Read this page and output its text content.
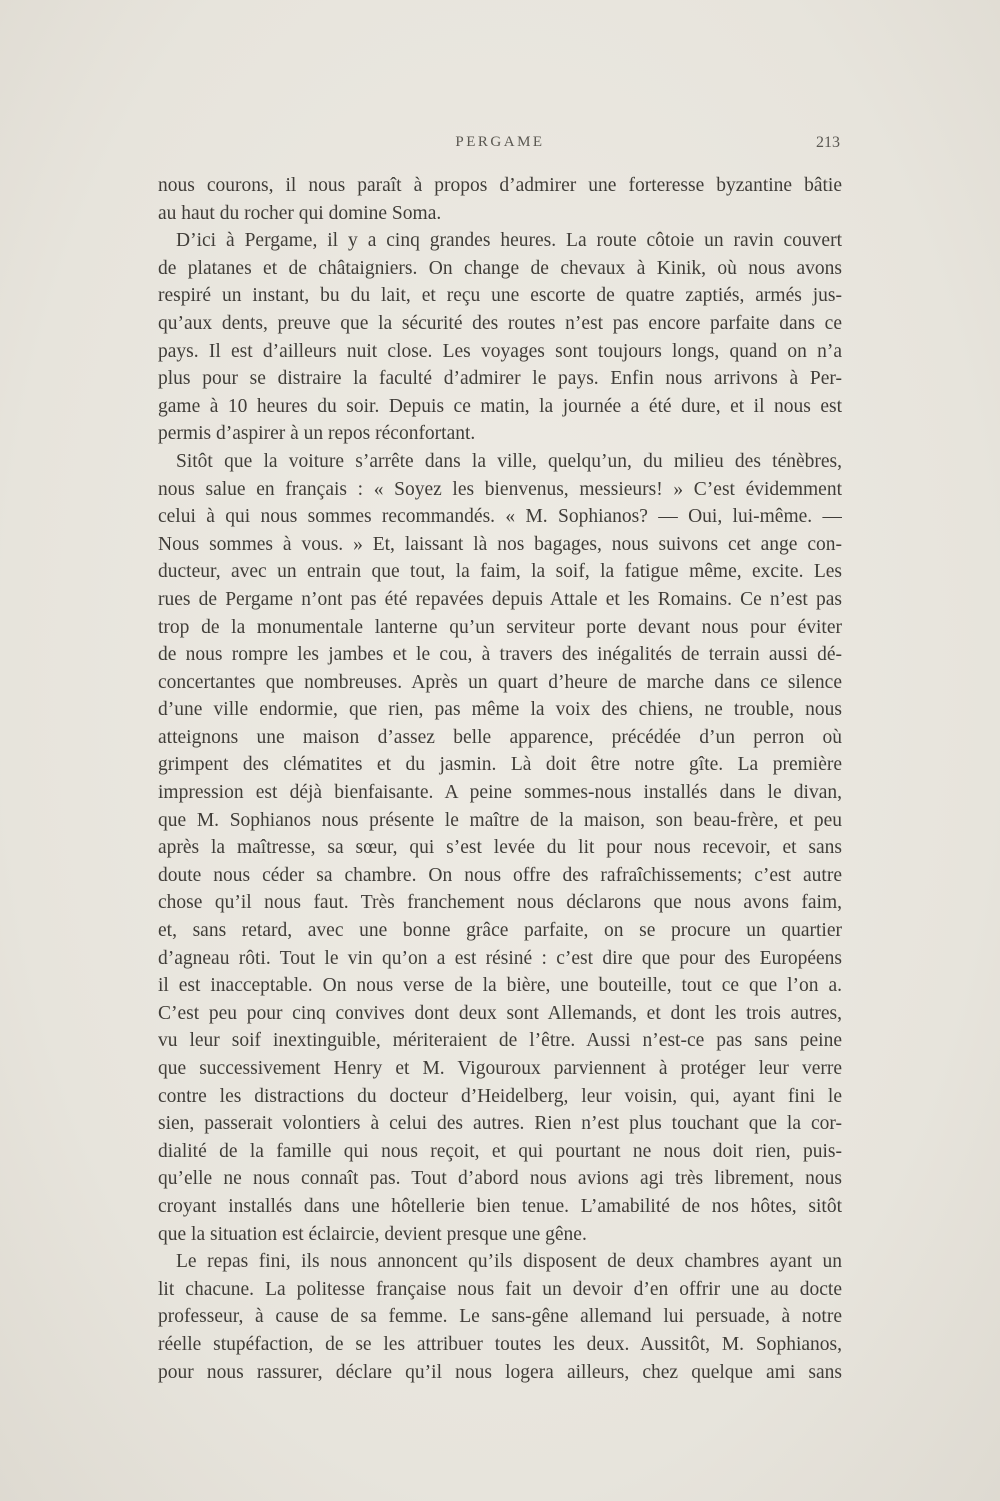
PERGAME	213
nous courons, il nous paraît à propos d’admirer une forteresse byzantine bâtie
au haut du rocher qui domine Soma.
D’ici à Pergame, il y a cinq grandes heures. La route côtoie un ravin couvert
de platanes et de châtaigniers. On change de chevaux à Kinik, où nous avons
respiré un instant, bu du lait, et reçu une escorte de quatre zaptiés, armés jus-
qu’aux dents, preuve que la sécurité des routes n’est pas encore parfaite dans ce
pays. Il est d’ailleurs nuit close. Les voyages sont toujours longs, quand on n’a
plus pour se distraire la faculté d’admirer le pays. Enfin nous arrivons à Per-
game à 10 heures du soir. Depuis ce matin, la journée a été dure, et il nous est
permis d’aspirer à un repos réconfortant.
Sitôt que la voiture s’arrête dans la ville, quelqu’un, du milieu des ténèbres,
nous salue en français : « Soyez les bienvenus, messieurs! » C’est évidemment
celui à qui nous sommes recommandés. « M. Sophianos? — Oui, lui-même. —
Nous sommes à vous. » Et, laissant là nos bagages, nous suivons cet ange con-
ducteur, avec un entrain que tout, la faim, la soif, la fatigue même, excite. Les
rues de Pergame n’ont pas été repavées depuis Attale et les Romains. Ce n’est pas
trop de la monumentale lanterne qu’un serviteur porte devant nous pour éviter
de nous rompre les jambes et le cou, à travers des inégalités de terrain aussi dé-
concertantes que nombreuses. Après un quart d’heure de marche dans ce silence
d’une ville endormie, que rien, pas même la voix des chiens, ne trouble, nous
atteignons une maison d’assez belle apparence, précédée d’un perron où
grimpent des clématites et du jasmin. Là doit être notre gîte. La première
impression est déjà bienfaisante. A peine sommes-nous installés dans le divan,
que M. Sophianos nous présente le maître de la maison, son beau-frère, et peu
après la maîtresse, sa sœur, qui s’est levée du lit pour nous recevoir, et sans
doute nous céder sa chambre. On nous offre des rafraîchissements; c’est autre
chose qu’il nous faut. Très franchement nous déclarons que nous avons faim,
et, sans retard, avec une bonne grâce parfaite, on se procure un quartier
d’agneau rôti. Tout le vin qu’on a est résiné : c’est dire que pour des Européens
il est inacceptable. On nous verse de la bière, une bouteille, tout ce que l’on a.
C’est peu pour cinq convives dont deux sont Allemands, et dont les trois autres,
vu leur soif inextinguible, mériteraient de l’être. Aussi n’est-ce pas sans peine
que successivement Henry et M. Vigouroux parviennent à protéger leur verre
contre les distractions du docteur d’Heidelberg, leur voisin, qui, ayant fini le
sien, passerait volontiers à celui des autres. Rien n’est plus touchant que la cor-
dialité de la famille qui nous reçoit, et qui pourtant ne nous doit rien, puis-
qu’elle ne nous connaît pas. Tout d’abord nous avions agi très librement, nous
croyant installés dans une hôtellerie bien tenue. L’amabilité de nos hôtes, sitôt
que la situation est éclaircie, devient presque une gêne.
Le repas fini, ils nous annoncent qu’ils disposent de deux chambres ayant un
lit chacune. La politesse française nous fait un devoir d’en offrir une au docte
professeur, à cause de sa femme. Le sans-gêne allemand lui persuade, à notre
réelle stupéfaction, de se les attribuer toutes les deux. Aussitôt, M. Sophianos,
pour nous rassurer, déclare qu’il nous logera ailleurs, chez quelque ami sans
